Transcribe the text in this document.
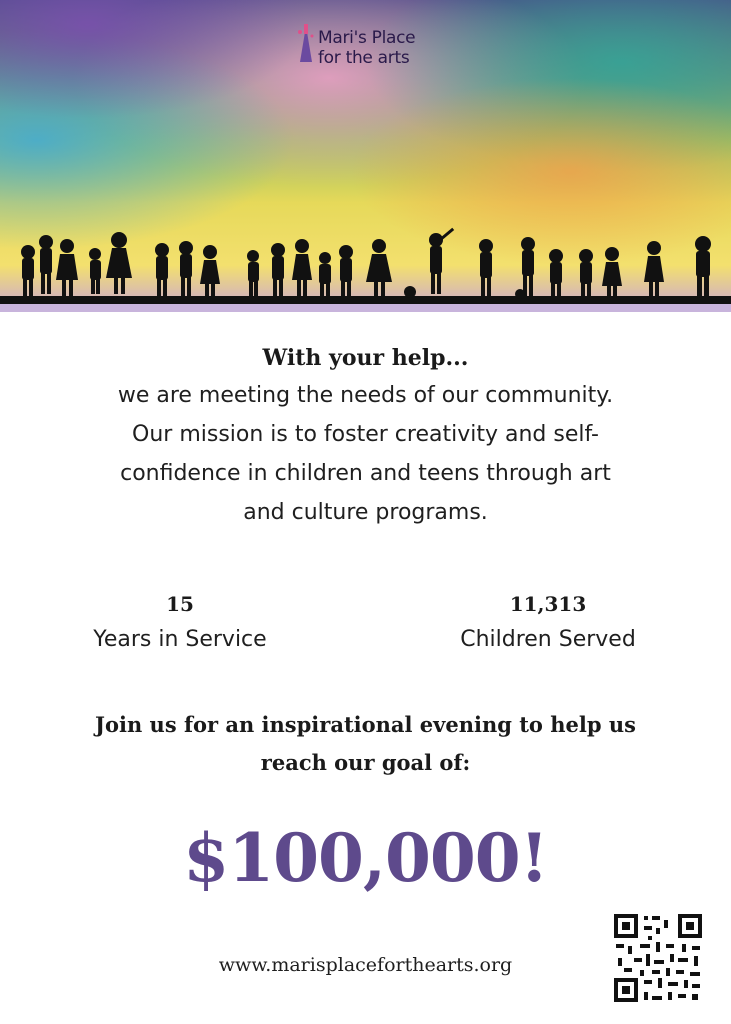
Mari's Place
for the arts

With your help...

we are meeting the needs of our community.
Our mission is to foster creativity and self-
confidence in children and teens through art
and culture programs.

15
Years in Service
11,313
Children Served

Join us for an inspirational evening to help us
reach our goal of:

$100,000!
www.marisplaceforthearts.org
